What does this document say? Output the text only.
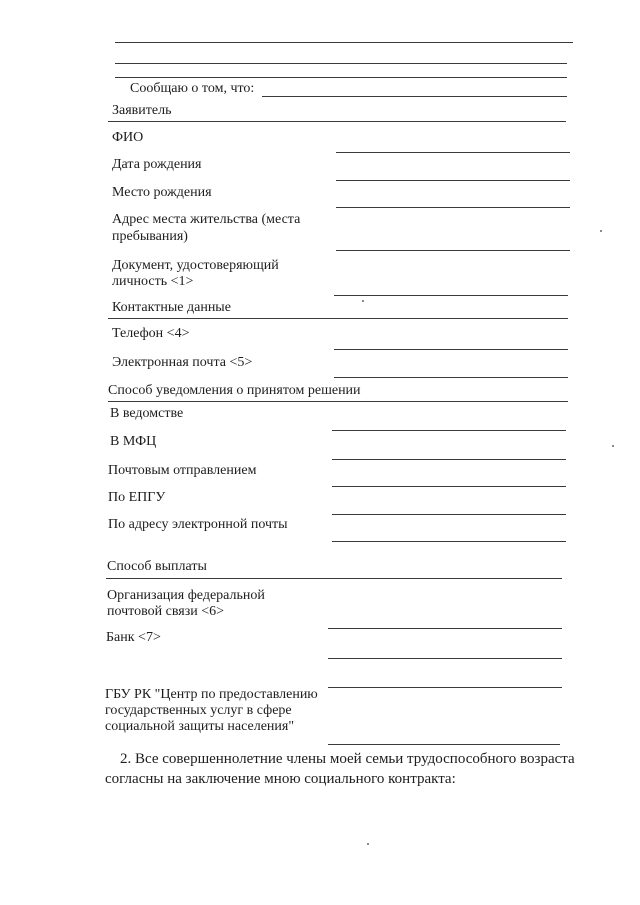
Сообщаю о том, что:
Заявитель
ФИО
Дата рождения
Место рождения
Адрес места жительства (места
пребывания)
Документ, удостоверяющий
личность <1>
Контактные данные
Телефон <4>
Электронная почта <5>
Способ уведомления о принятом решении
В ведомстве
В МФЦ
Почтовым отправлением
По ЕПГУ
По адресу электронной почты
Способ выплаты
Организация федеральной
почтовой связи <6>
Банк <7>
ГБУ РК "Центр по предоставлению
государственных услуг в сфере
социальной защиты населения"
2. Все совершеннолетние члены моей семьи трудоспособного возраста
согласны на заключение мною социального контракта:
